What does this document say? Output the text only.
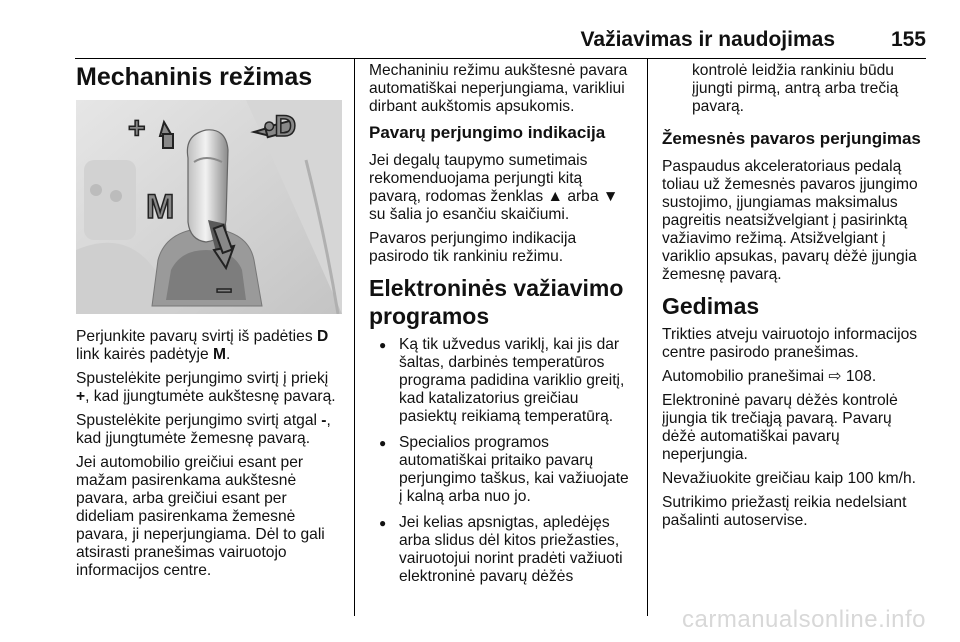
Važiavimas ir naudojimas	155
Mechaninis režimas
+	•D
M
−

Perjunkite pavarų svirtį iš padėties D link kairės padėtyje M.

Spustelėkite perjungimo svirtį į priekį +, kad įjungtumėte aukštesnę pavarą.

Spustelėkite perjungimo svirtį atgal -, kad įjungtumėte žemesnę pavarą.

Jei automobilio greičiui esant per mažam pasirenkama aukštesnė pavara, arba greičiui esant per dideliam pasirenkama žemesnė pavara, ji neperjungiama. Dėl to gali atsirasti pranešimas vairuotojo informacijos centre.

Mechaniniu režimu aukštesnė pavara automatiškai neperjungiama, varikliui dirbant aukštomis apsukomis.

Pavarų perjungimo indikacija

Jei degalų taupymo sumetimais rekomenduojama perjungti kitą pavarą, rodomas ženklas ▲ arba ▼ su šalia jo esančiu skaičiumi.

Pavaros perjungimo indikacija pasirodo tik rankiniu režimu.

Elektroninės važiavimo programos
● Ką tik užvedus variklį, kai jis dar šaltas, darbinės temperatūros programa padidina variklio greitį, kad katalizatorius greičiau pasiektų reikiamą temperatūrą.
● Specialios programos automatiškai pritaiko pavarų perjungimo taškus, kai važiuojate į kalną arba nuo jo.
● Jei kelias apsnigtas, apledėjęs arba slidus dėl kitos priežasties, vairuotojui norint pradėti važiuoti elektroninė pavarų dėžės

kontrolė leidžia rankiniu būdu įjungti pirmą, antrą arba trečią pavarą.

Žemesnės pavaros perjungimas

Paspaudus akceleratoriaus pedalą toliau už žemesnės pavaros įjungimo sustojimo, įjungiamas maksimalus pagreitis neatsižvelgiant į pasirinktą važiavimo režimą. Atsižvelgiant į variklio apsukas, pavarų dėžė įjungia žemesnę pavarą.

Gedimas

Trikties atveju vairuotojo informacijos centre pasirodo pranešimas.

Automobilio pranešimai ⇨ 108.

Elektroninė pavarų dėžės kontrolė įjungia tik trečiąją pavarą. Pavarų dėžė automatiškai pavarų neperjungia.

Nevažiuokite greičiau kaip 100 km/h.

Sutrikimo priežastį reikia nedelsiant pašalinti autoservise.

carmanualsonline.info
